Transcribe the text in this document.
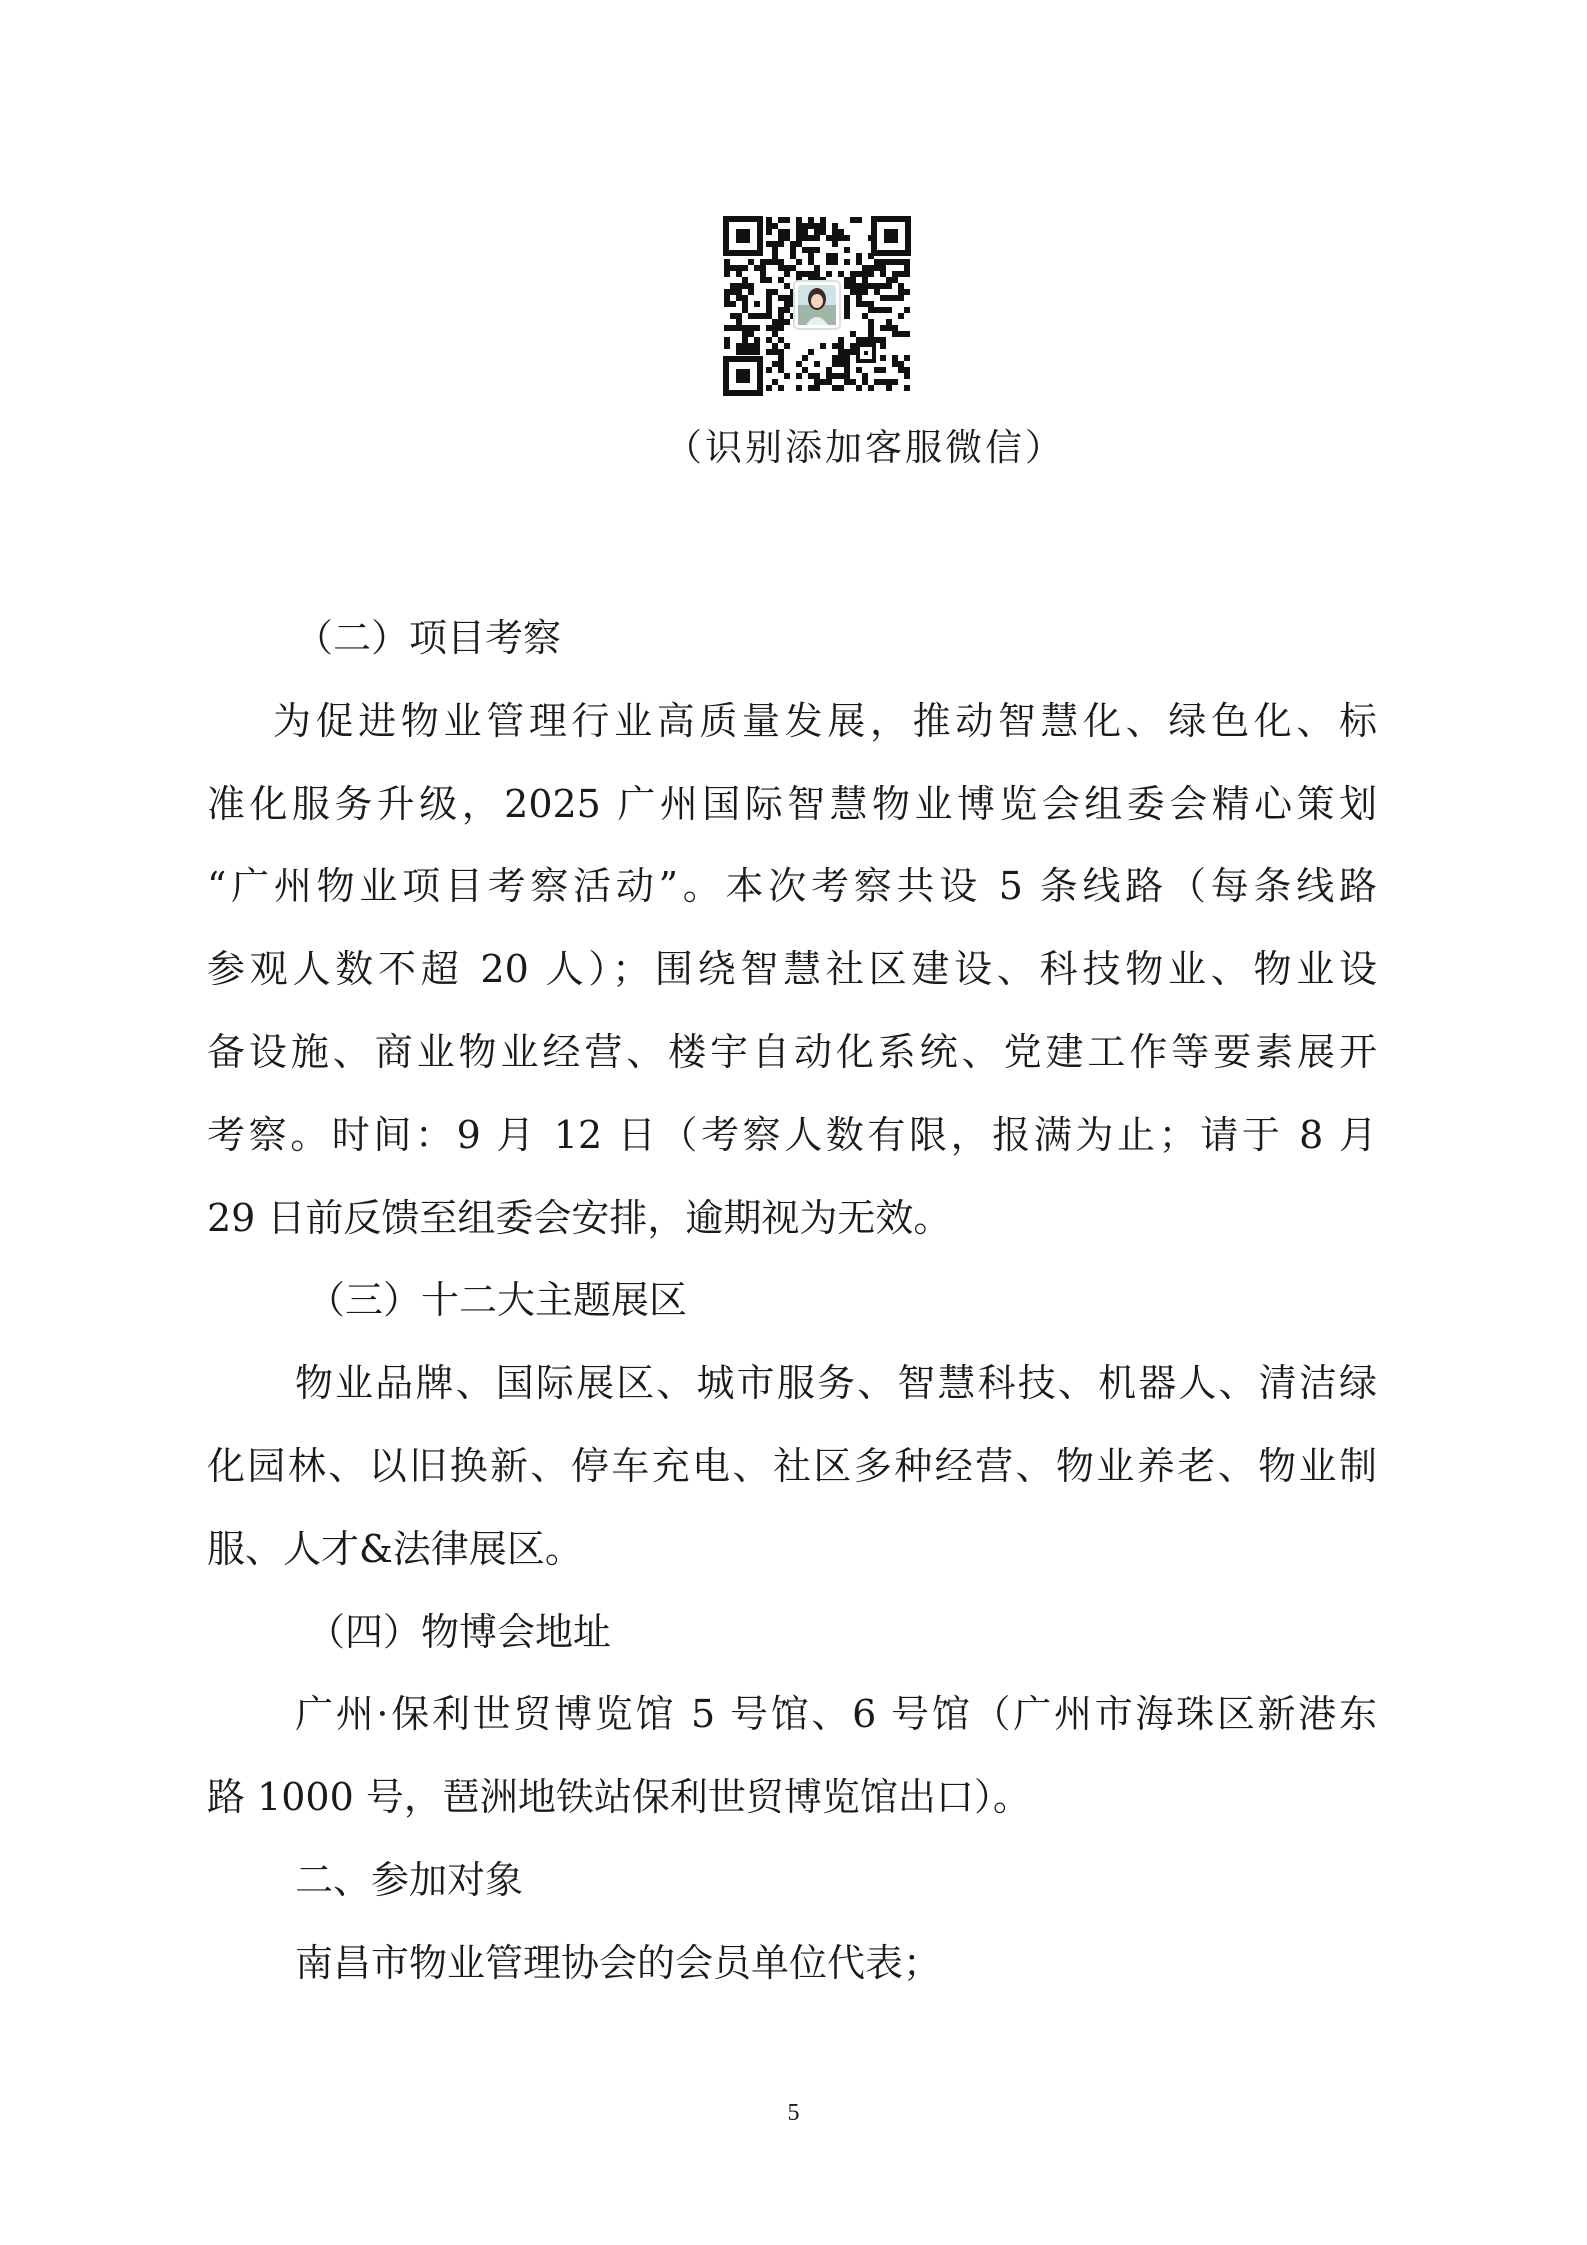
（识别添加客服微信）

（二）项目考察

为促进物业管理行业高质量发展，推动智慧化、绿色化、标

准化服务升级，2025 广州国际智慧物业博览会组委会精心策划

“广州物业项目考察活动”。本次考察共设 5 条线路（每条线路

参观人数不超 20 人）；围绕智慧社区建设、科技物业、物业设

备设施、商业物业经营、楼宇自动化系统、党建工作等要素展开

考察。时间：9 月 12 日（考察人数有限，报满为止；请于 8 月

29 日前反馈至组委会安排，逾期视为无效。

（三）十二大主题展区

物业品牌、国际展区、城市服务、智慧科技、机器人、清洁绿

化园林、以旧换新、停车充电、社区多种经营、物业养老、物业制

服、人才&法律展区。

（四）物博会地址

广州·保利世贸博览馆 5 号馆、6 号馆（广州市海珠区新港东

路 1000 号，琶洲地铁站保利世贸博览馆出口）。

二、参加对象

南昌市物业管理协会的会员单位代表；

5
